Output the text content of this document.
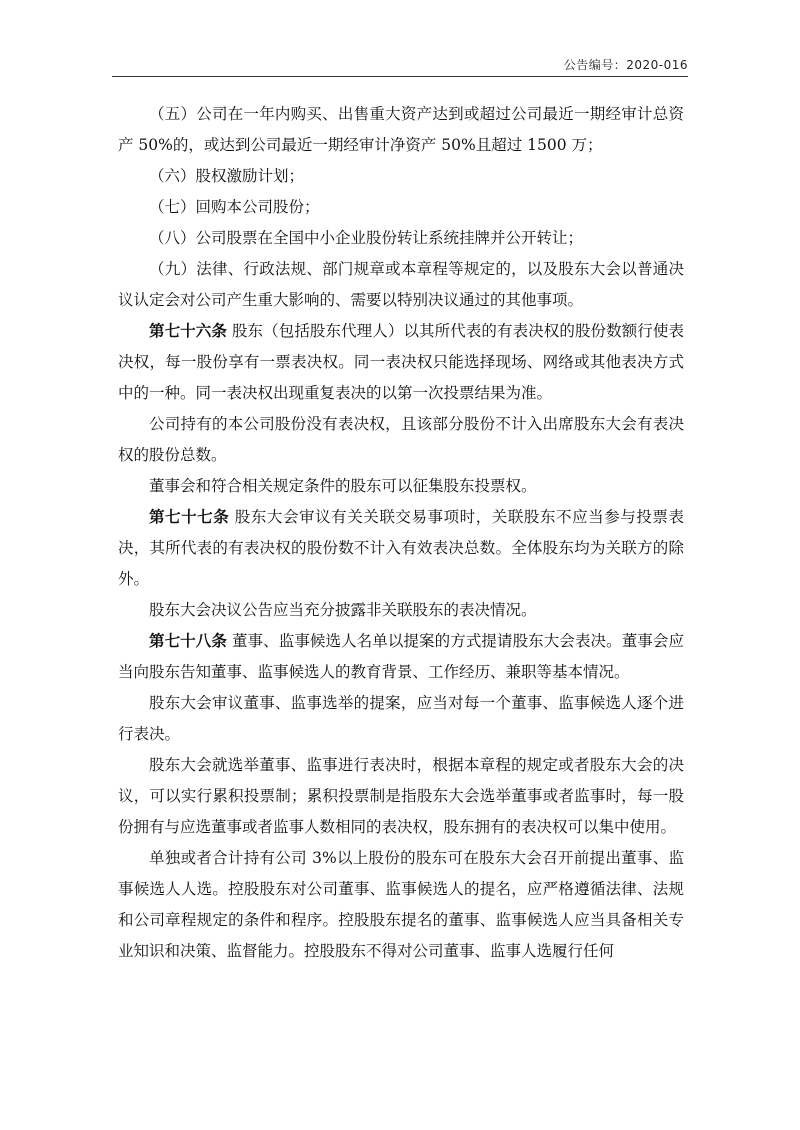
公告编号：2020-016

（五）公司在一年内购买、出售重大资产达到或超过公司最近一期经审计总资产 50%的，或达到公司最近一期经审计净资产 50%且超过 1500 万；

（六）股权激励计划；

（七）回购本公司股份；

（八）公司股票在全国中小企业股份转让系统挂牌并公开转让；

（九）法律、行政法规、部门规章或本章程等规定的，以及股东大会以普通决议认定会对公司产生重大影响的、需要以特别决议通过的其他事项。

第七十六条 股东（包括股东代理人）以其所代表的有表决权的股份数额行使表决权，每一股份享有一票表决权。同一表决权只能选择现场、网络或其他表决方式中的一种。同一表决权出现重复表决的以第一次投票结果为准。

公司持有的本公司股份没有表决权，且该部分股份不计入出席股东大会有表决权的股份总数。

董事会和符合相关规定条件的股东可以征集股东投票权。

第七十七条 股东大会审议有关关联交易事项时，关联股东不应当参与投票表决，其所代表的有表决权的股份数不计入有效表决总数。全体股东均为关联方的除外。

股东大会决议公告应当充分披露非关联股东的表决情况。

第七十八条 董事、监事候选人名单以提案的方式提请股东大会表决。董事会应当向股东告知董事、监事候选人的教育背景、工作经历、兼职等基本情况。

股东大会审议董事、监事选举的提案，应当对每一个董事、监事候选人逐个进行表决。

股东大会就选举董事、监事进行表决时，根据本章程的规定或者股东大会的决议，可以实行累积投票制；累积投票制是指股东大会选举董事或者监事时，每一股份拥有与应选董事或者监事人数相同的表决权，股东拥有的表决权可以集中使用。

单独或者合计持有公司 3%以上股份的股东可在股东大会召开前提出董事、监事候选人人选。控股股东对公司董事、监事候选人的提名，应严格遵循法律、法规和公司章程规定的条件和程序。控股股东提名的董事、监事候选人应当具备相关专业知识和决策、监督能力。控股股东不得对公司董事、监事人选履行任何
